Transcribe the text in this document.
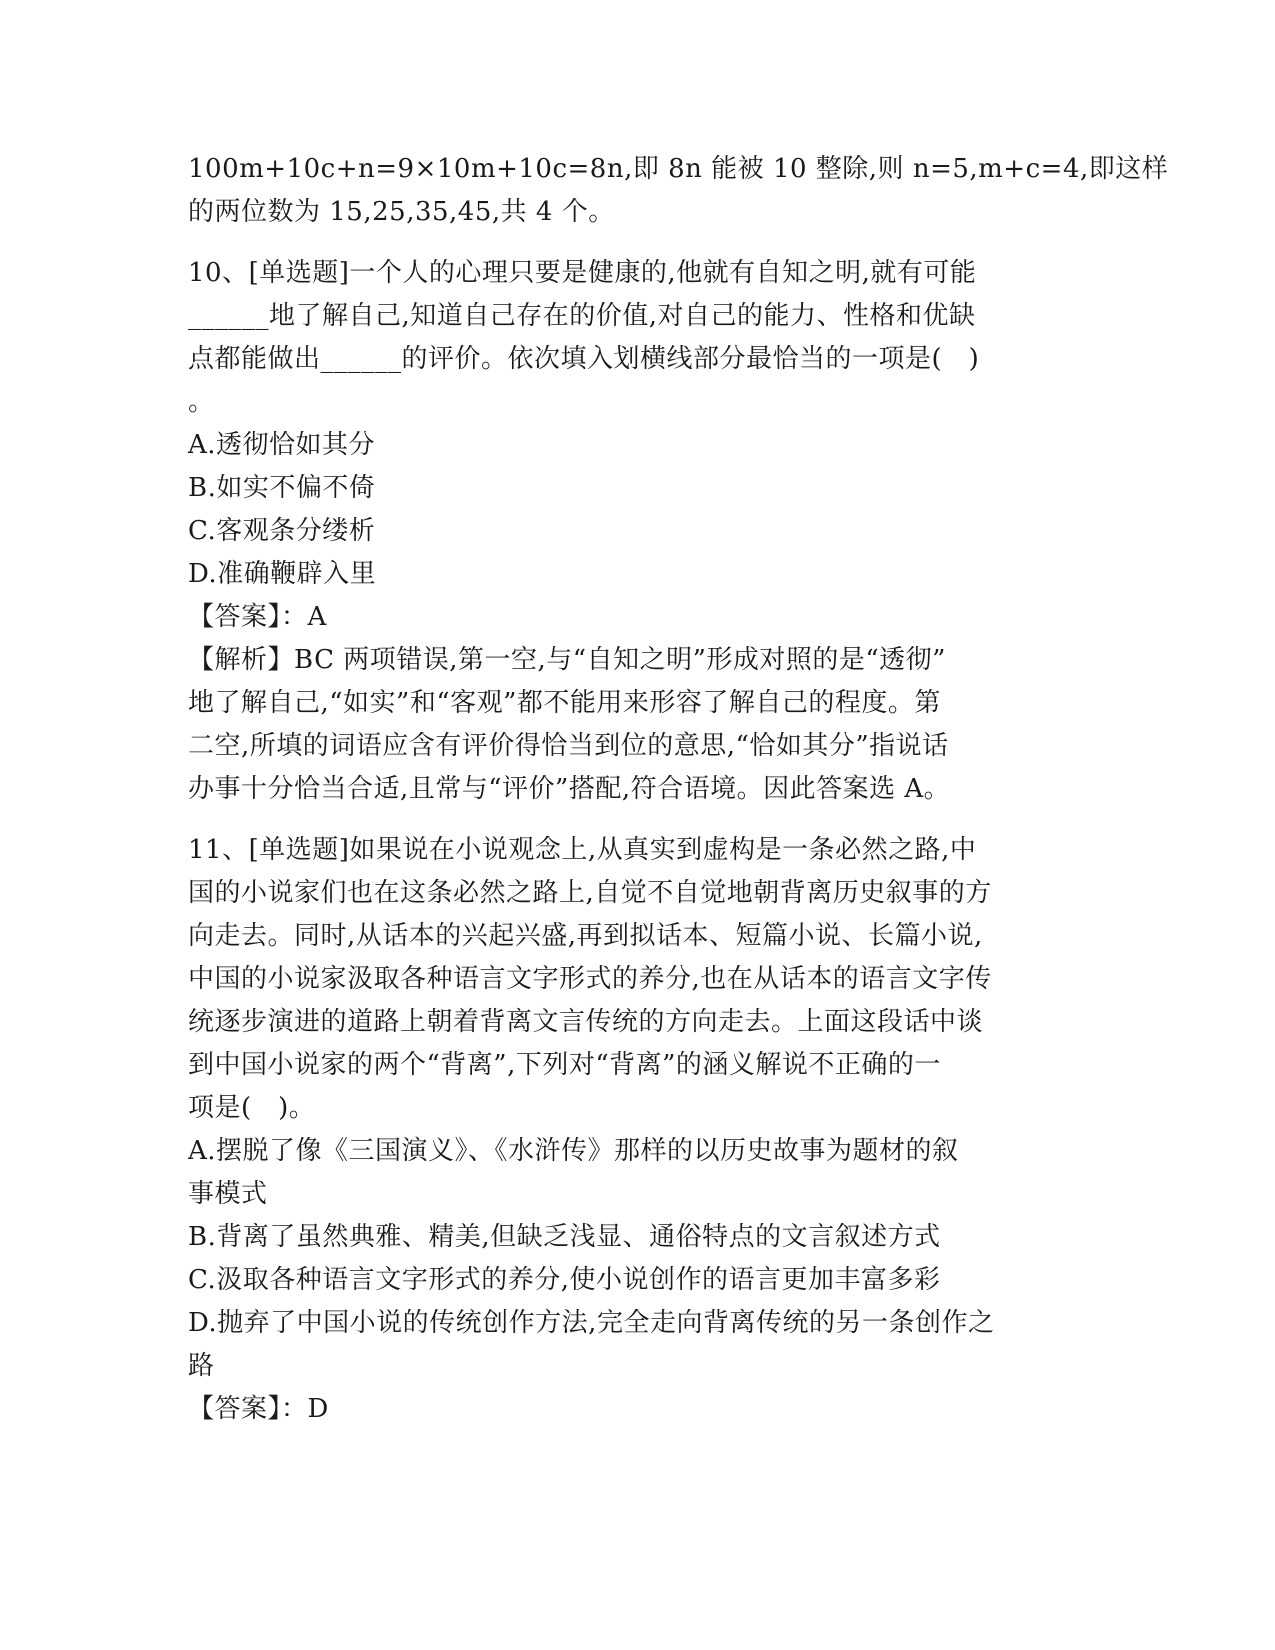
100m+10c+n=9×10m+10c=8n,即 8n 能被 10 整除,则 n=5,m+c=4,即这样
的两位数为 15,25,35,45,共 4 个。
10、[单选题]一个人的心理只要是健康的,他就有自知之明,就有可能
______地了解自己,知道自己存在的价值,对自己的能力、性格和优缺
点都能做出______的评价。依次填入划横线部分最恰当的一项是(　)
。
A.透彻恰如其分
B.如实不偏不倚
C.客观条分缕析
D.准确鞭辟入里
【答案】：A
【解析】BC 两项错误,第一空,与“自知之明”形成对照的是“透彻”
地了解自己,“如实”和“客观”都不能用来形容了解自己的程度。第
二空,所填的词语应含有评价得恰当到位的意思,“恰如其分”指说话
办事十分恰当合适,且常与“评价”搭配,符合语境。因此答案选 A。
11、[单选题]如果说在小说观念上,从真实到虚构是一条必然之路,中
国的小说家们也在这条必然之路上,自觉不自觉地朝背离历史叙事的方
向走去。同时,从话本的兴起兴盛,再到拟话本、短篇小说、长篇小说,
中国的小说家汲取各种语言文字形式的养分,也在从话本的语言文字传
统逐步演进的道路上朝着背离文言传统的方向走去。上面这段话中谈
到中国小说家的两个“背离”,下列对“背离”的涵义解说不正确的一
项是(　)。
A.摆脱了像《三国演义》、《水浒传》那样的以历史故事为题材的叙
事模式
B.背离了虽然典雅、精美,但缺乏浅显、通俗特点的文言叙述方式
C.汲取各种语言文字形式的养分,使小说创作的语言更加丰富多彩
D.抛弃了中国小说的传统创作方法,完全走向背离传统的另一条创作之
路
【答案】：D
